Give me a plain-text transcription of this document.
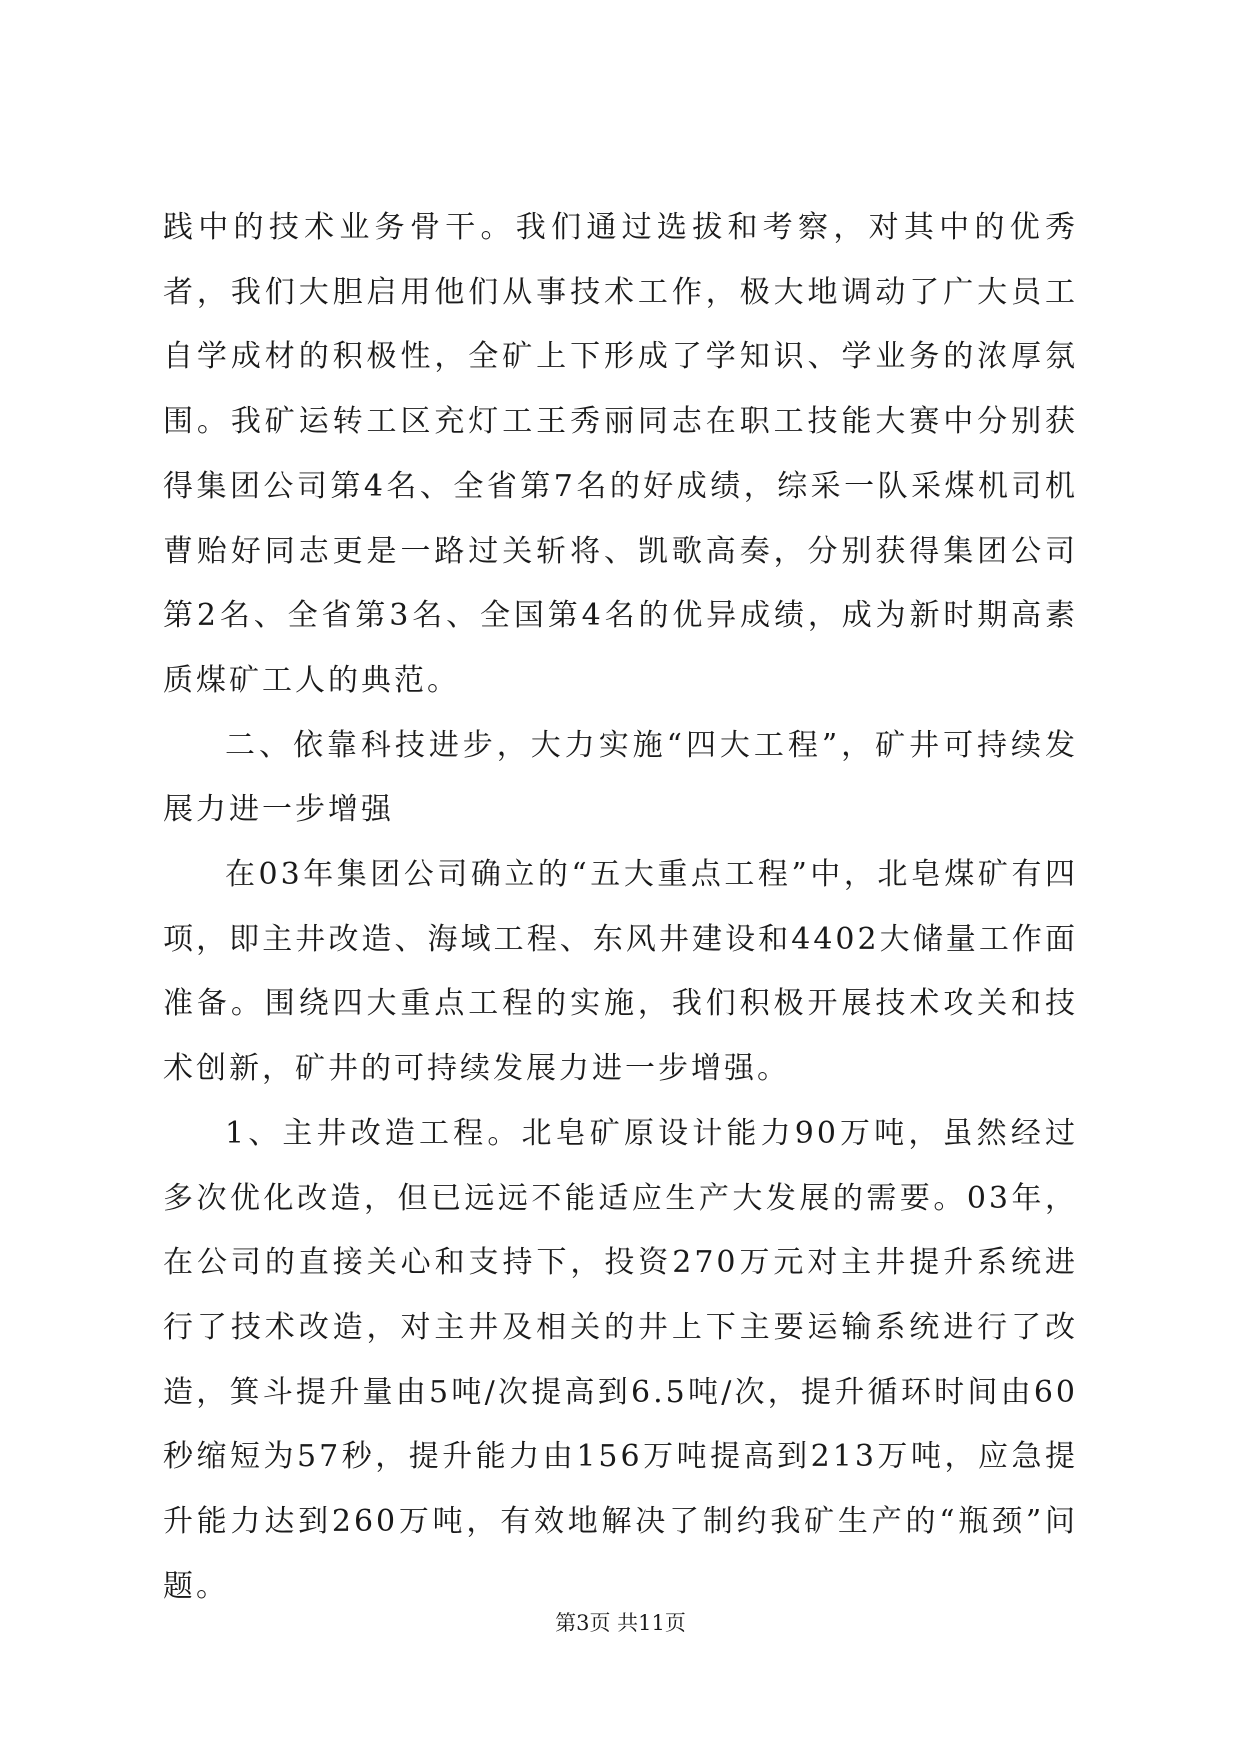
践中的技术业务骨干。我们通过选拔和考察，对其中的优秀者，我们大胆启用他们从事技术工作，极大地调动了广大员工自学成材的积极性，全矿上下形成了学知识、学业务的浓厚氛围。我矿运转工区充灯工王秀丽同志在职工技能大赛中分别获得集团公司第4名、全省第7名的好成绩，综采一队采煤机司机曹贻好同志更是一路过关斩将、凯歌高奏，分别获得集团公司第2名、全省第3名、全国第4名的优异成绩，成为新时期高素质煤矿工人的典范。

二、依靠科技进步，大力实施“四大工程”，矿井可持续发展力进一步增强

在03年集团公司确立的“五大重点工程”中，北皂煤矿有四项，即主井改造、海域工程、东风井建设和4402大储量工作面准备。围绕四大重点工程的实施，我们积极开展技术攻关和技术创新，矿井的可持续发展力进一步增强。

1、主井改造工程。北皂矿原设计能力90万吨，虽然经过多次优化改造，但已远远不能适应生产大发展的需要。03年，在公司的直接关心和支持下，投资270万元对主井提升系统进行了技术改造，对主井及相关的井上下主要运输系统进行了改造，箕斗提升量由5吨/次提高到6.5吨/次，提升循环时间由60秒缩短为57秒，提升能力由156万吨提高到213万吨，应急提升能力达到260万吨，有效地解决了制约我矿生产的“瓶颈”问题。

第3页 共11页
